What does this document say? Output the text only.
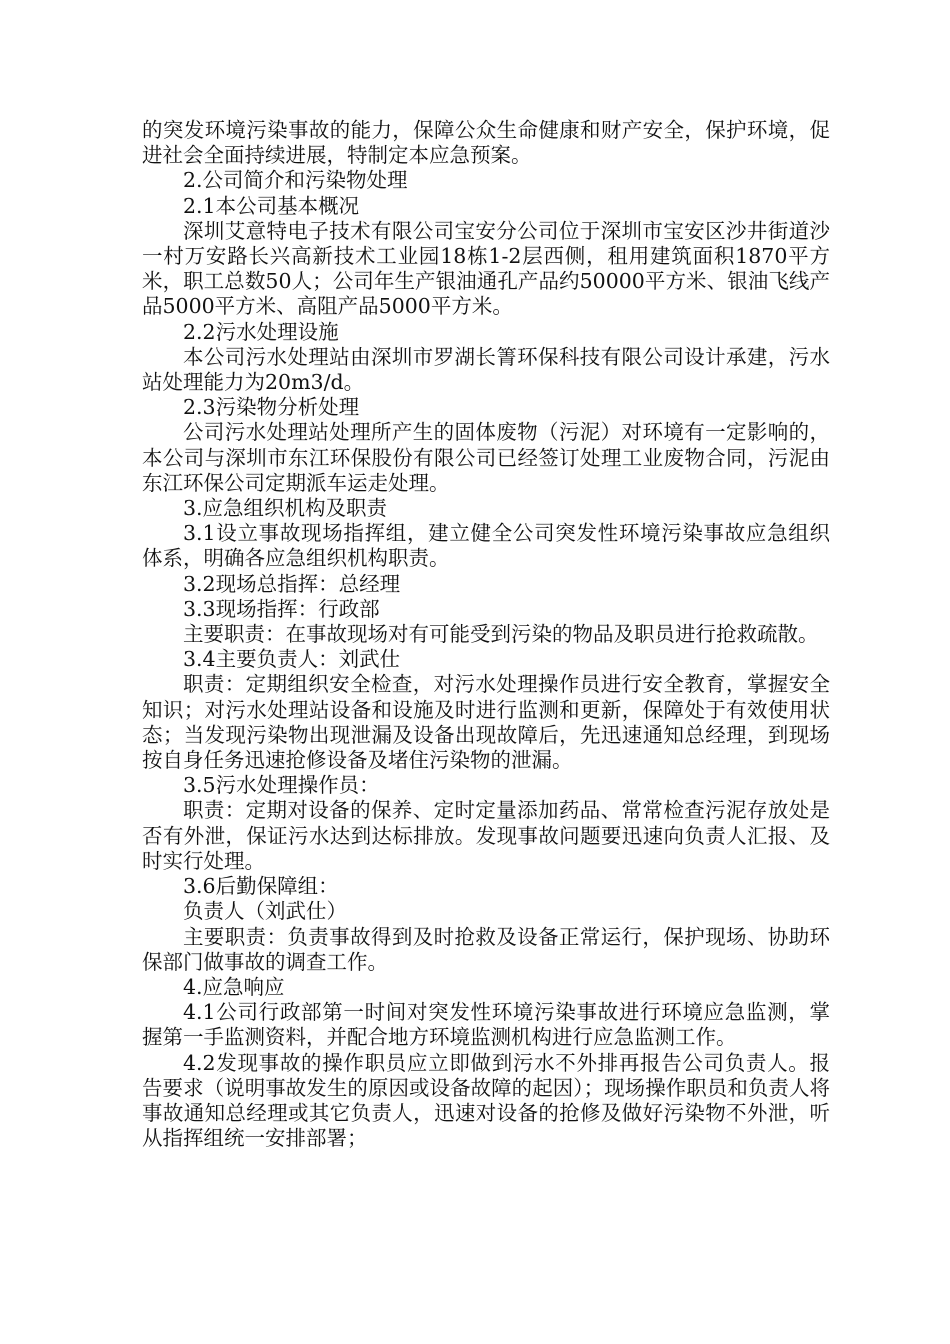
的突发环境污染事故的能力，保障公众生命健康和财产安全，保护环境，促进社会全面持续进展，特制定本应急预案。

2.公司简介和污染物处理

2.1本公司基本概况

深圳艾意特电子技术有限公司宝安分公司位于深圳市宝安区沙井街道沙一村万安路长兴高新技术工业园18栋1-2层西侧，租用建筑面积1870平方米，职工总数50人；公司年生产银油通孔产品约50000平方米、银油飞线产品5000平方米、高阻产品5000平方米。

2.2污水处理设施

本公司污水处理站由深圳市罗湖长箐环保科技有限公司设计承建，污水站处理能力为20m3/d。

2.3污染物分析处理

公司污水处理站处理所产生的固体废物（污泥）对环境有一定影响的，本公司与深圳市东江环保股份有限公司已经签订处理工业废物合同，污泥由东江环保公司定期派车运走处理。

3.应急组织机构及职责

3.1设立事故现场指挥组，建立健全公司突发性环境污染事故应急组织体系，明确各应急组织机构职责。

3.2现场总指挥：总经理

3.3现场指挥：行政部

主要职责：在事故现场对有可能受到污染的物品及职员进行抢救疏散。

3.4主要负责人：刘武仕

职责：定期组织安全检查，对污水处理操作员进行安全教育，掌握安全知识；对污水处理站设备和设施及时进行监测和更新，保障处于有效使用状态；当发现污染物出现泄漏及设备出现故障后，先迅速通知总经理，到现场按自身任务迅速抢修设备及堵住污染物的泄漏。

3.5污水处理操作员：

职责：定期对设备的保养、定时定量添加药品、常常检查污泥存放处是否有外泄，保证污水达到达标排放。发现事故问题要迅速向负责人汇报、及时实行处理。

3.6后勤保障组：

负责人（刘武仕）

主要职责：负责事故得到及时抢救及设备正常运行，保护现场、协助环保部门做事故的调查工作。

4.应急响应

4.1公司行政部第一时间对突发性环境污染事故进行环境应急监测，掌握第一手监测资料，并配合地方环境监测机构进行应急监测工作。

4.2发现事故的操作职员应立即做到污水不外排再报告公司负责人。报告要求（说明事故发生的原因或设备故障的起因）；现场操作职员和负责人将事故通知总经理或其它负责人，迅速对设备的抢修及做好污染物不外泄，听从指挥组统一安排部署；
